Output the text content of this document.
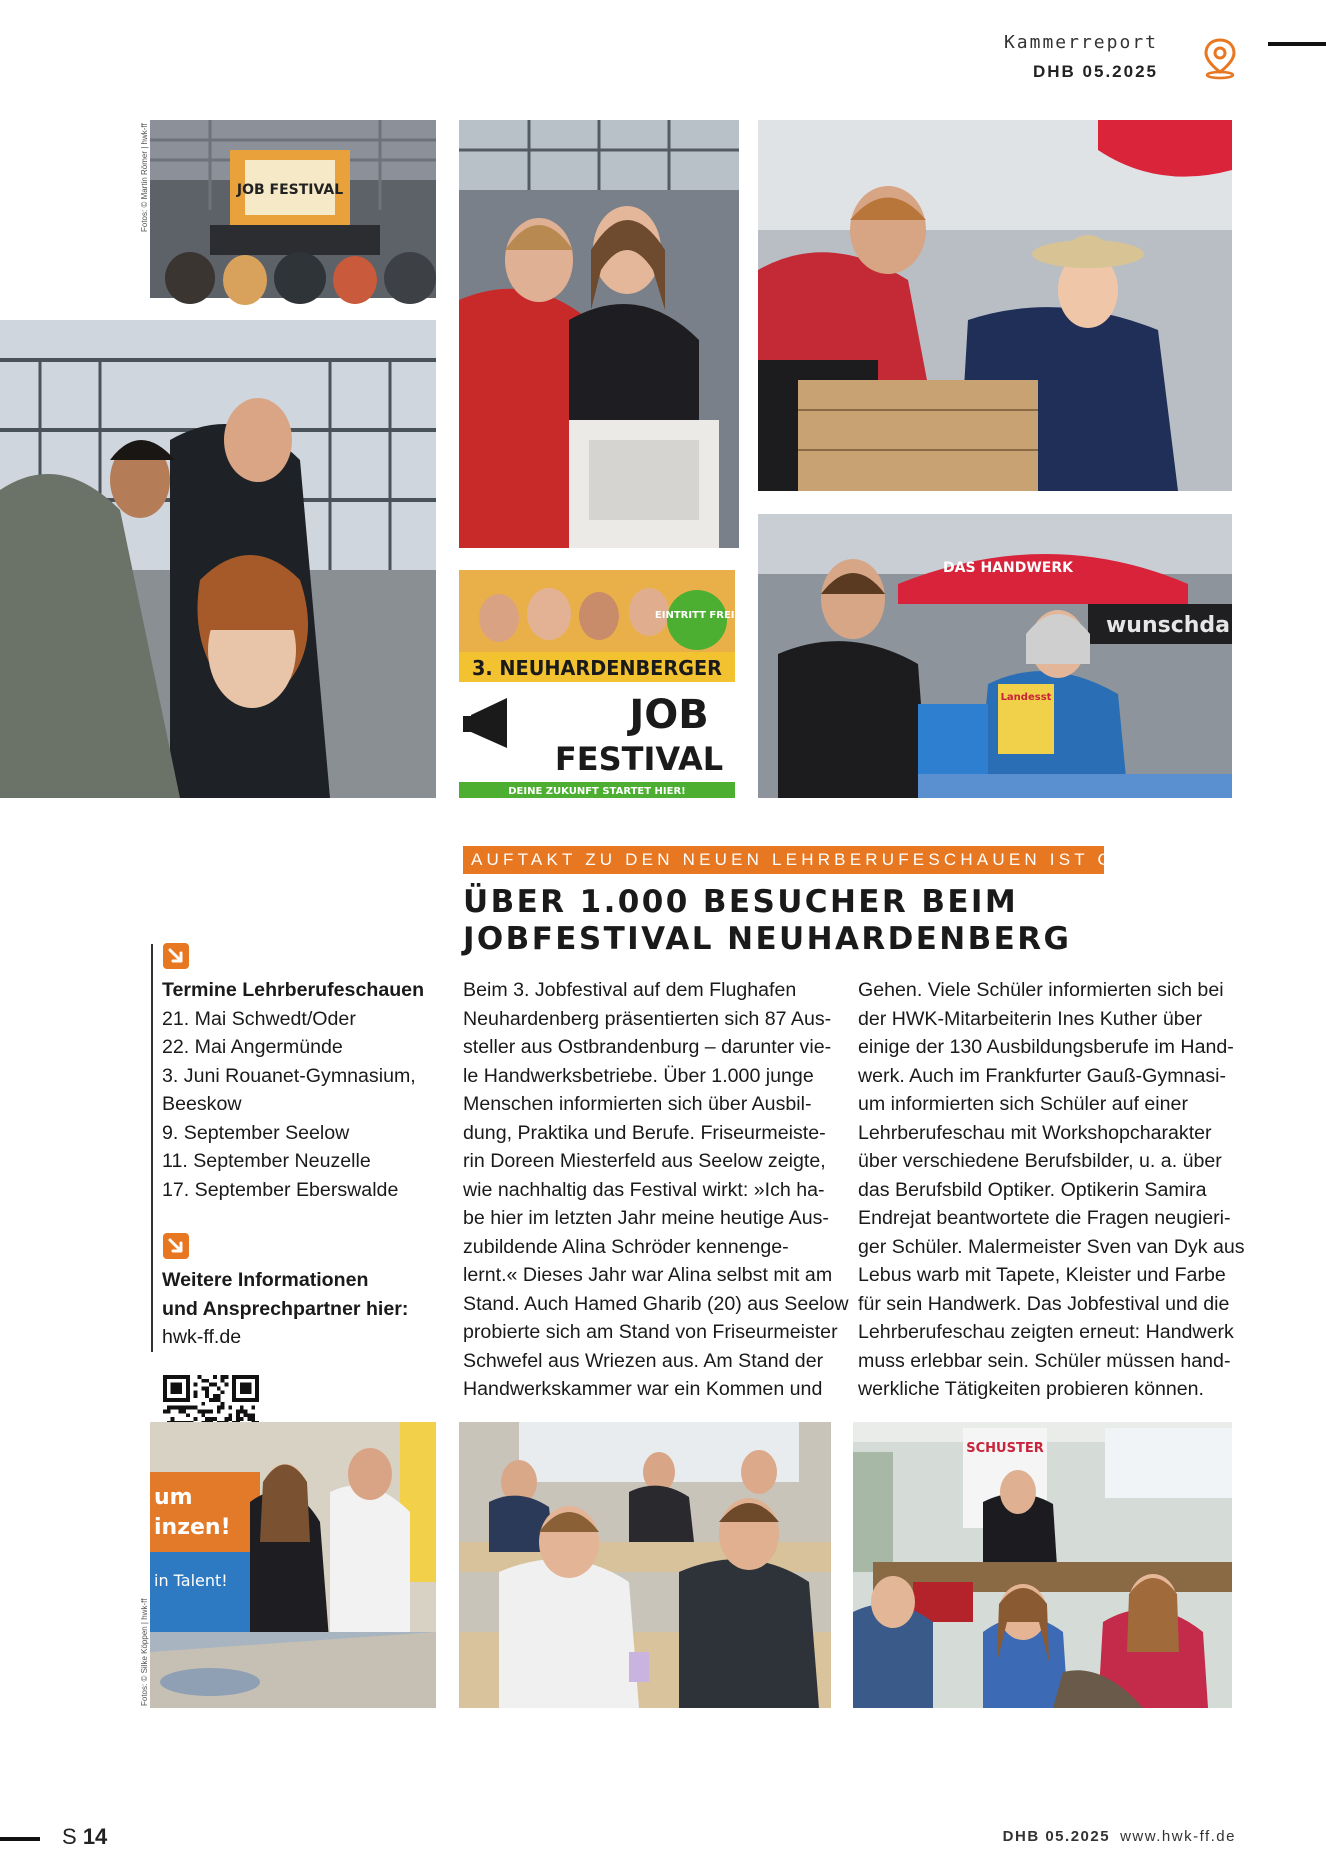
Kammerreport
DHB 05.2025
Fotos: © Martin Römer | hwk-ff
Fotos: © Silke Köppen | hwk-ff
JOB FESTIVAL
EINTRITT FREI!
3. NEUHARDENBERGER
JOB
FESTIVAL
DEINE ZUKUNFT STARTET HIER!
DAS HANDWERK
wunschda
Landesst
AUFTAKT ZU DEN NEUEN LEHRBERUFESCHAUEN IST GEMACHT
ÜBER 1.000 BESUCHER BEIM
JOBFESTIVAL NEUHARDENBERG
Termine Lehrberufeschauen
21. Mai Schwedt/Oder
22. Mai Angermünde
3. Juni Rouanet-Gymnasium,
Beeskow
9. September Seelow
11. September Neuzelle
17. September Eberswalde
Weitere Informationen
und Ansprechpartner hier:
hwk-ff.de
Beim 3. Jobfestival auf dem Flughafen
Neuhardenberg präsentierten sich 87 Aus-
steller aus Ostbrandenburg – darunter vie-
le Handwerksbetriebe. Über 1.000 junge
Menschen informierten sich über Ausbil-
dung, Praktika und Berufe. Friseurmeiste-
rin Doreen Miesterfeld aus Seelow zeigte,
wie nachhaltig das Festival wirkt: »Ich ha-
be hier im letzten Jahr meine heutige Aus-
zubildende Alina Schröder kennenge-
lernt.« Dieses Jahr war Alina selbst mit am
Stand. Auch Hamed Gharib (20) aus Seelow
probierte sich am Stand von Friseurmeister
Schwefel aus Wriezen aus. Am Stand der
Handwerkskammer war ein Kommen und
Gehen. Viele Schüler informierten sich bei
der HWK-Mitarbeiterin Ines Kuther über
einige der 130 Ausbildungsberufe im Hand-
werk. Auch im Frankfurter Gauß-Gymnasi-
um informierten sich Schüler auf einer
Lehrberufeschau mit Workshopcharakter
über verschiedene Berufsbilder, u. a. über
das Berufsbild Optiker. Optikerin Samira
Endrejat beantwortete die Fragen neugieri-
ger Schüler. Malermeister Sven van Dyk aus
Lebus warb mit Tapete, Kleister und Farbe
für sein Handwerk. Das Jobfestival und die
Lehrberufeschau zeigten erneut: Handwerk
muss erlebbar sein. Schüler müssen hand-
werkliche Tätigkeiten probieren können.
um
inzen!
in Talent!
SCHUSTER
S 14	DHB 05.2025 www.hwk-ff.de
